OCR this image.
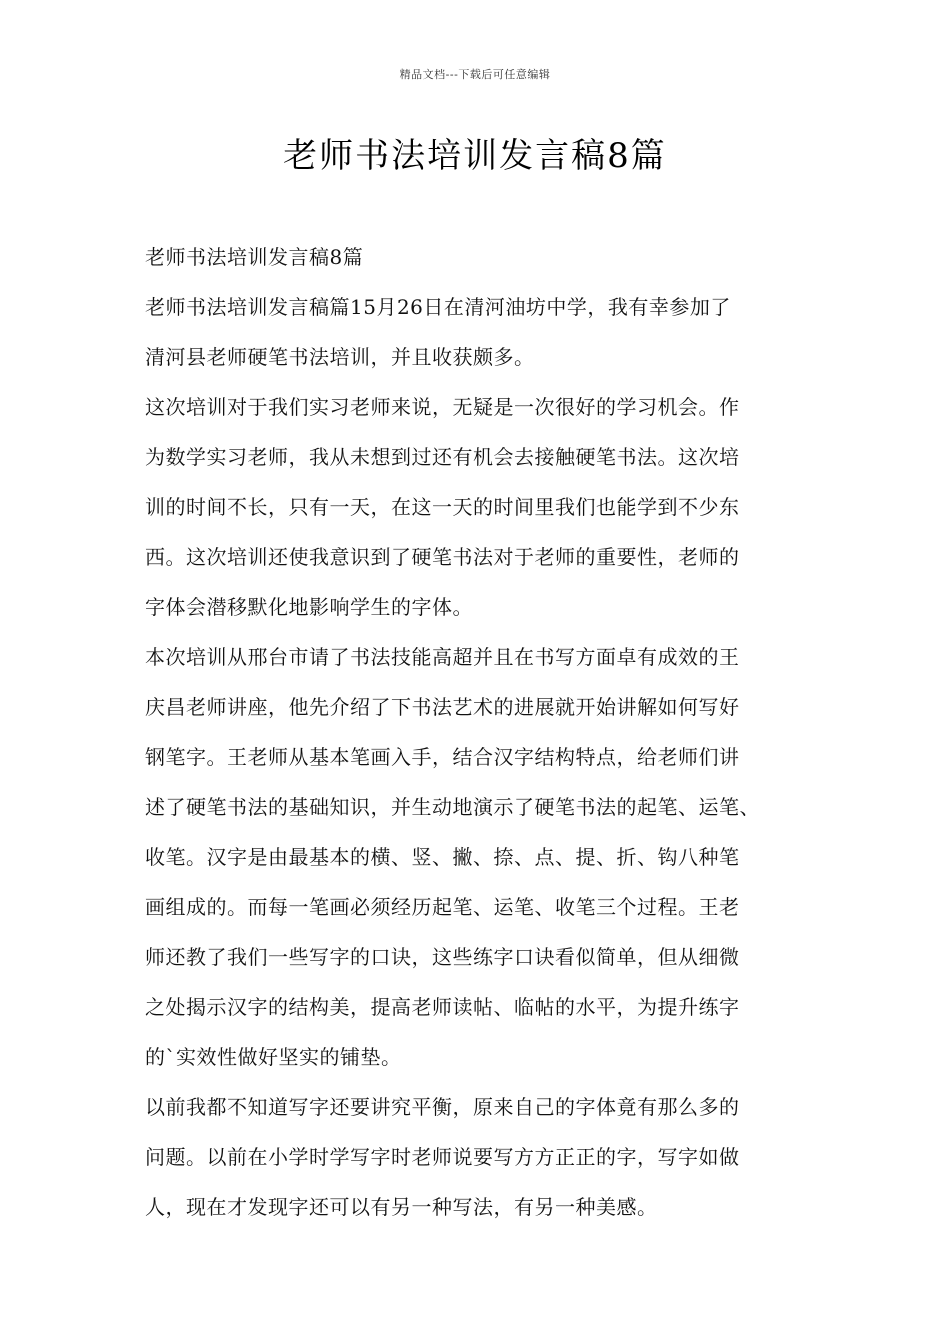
精品文档---下载后可任意编辑
老师书法培训发言稿8篇

老师书法培训发言稿8篇

老师书法培训发言稿篇15月26日在清河油坊中学，我有幸参加了
清河县老师硬笔书法培训，并且收获颇多。

这次培训对于我们实习老师来说，无疑是一次很好的学习机会。作
为数学实习老师，我从未想到过还有机会去接触硬笔书法。这次培
训的时间不长，只有一天，在这一天的时间里我们也能学到不少东
西。这次培训还使我意识到了硬笔书法对于老师的重要性，老师的
字体会潜移默化地影响学生的字体。

本次培训从邢台市请了书法技能高超并且在书写方面卓有成效的王
庆昌老师讲座，他先介绍了下书法艺术的进展就开始讲解如何写好
钢笔字。王老师从基本笔画入手，结合汉字结构特点，给老师们讲
述了硬笔书法的基础知识，并生动地演示了硬笔书法的起笔、运笔、
收笔。汉字是由最基本的横、竖、撇、捺、点、提、折、钩八种笔
画组成的。而每一笔画必须经历起笔、运笔、收笔三个过程。王老
师还教了我们一些写字的口诀，这些练字口诀看似简单，但从细微
之处揭示汉字的结构美，提高老师读帖、临帖的水平，为提升练字
的`实效性做好坚实的铺垫。

以前我都不知道写字还要讲究平衡，原来自己的字体竟有那么多的
问题。以前在小学时学写字时老师说要写方方正正的字，写字如做
人，现在才发现字还可以有另一种写法，有另一种美感。
